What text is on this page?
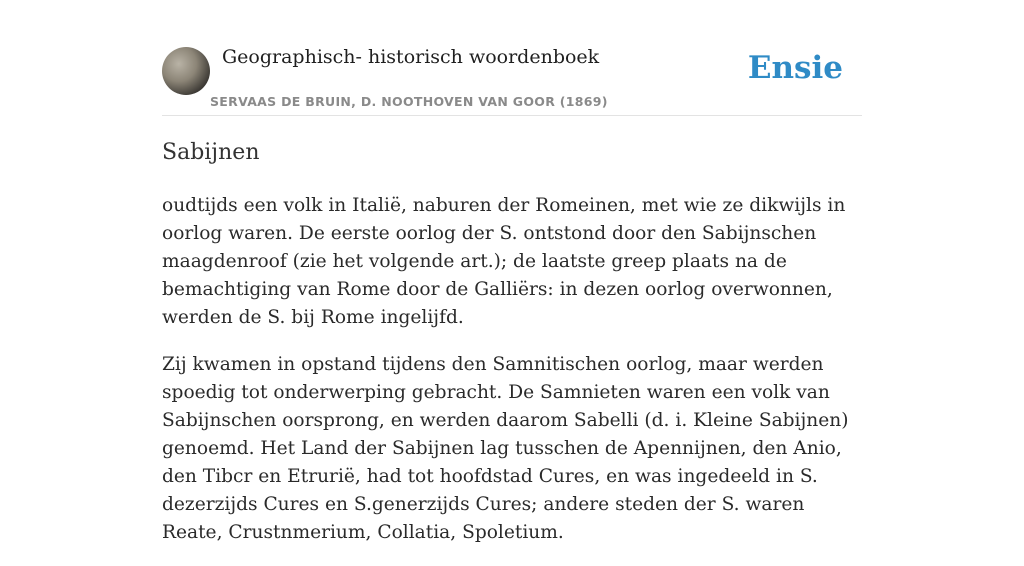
Geographisch- historisch woordenboek
SERVAAS DE BRUIN, D. NOOTHOVEN VAN GOOR (1869)
Ensie
Sabijnen

oudtijds een volk in Italië, naburen der Romeinen, met wie ze dikwijls in oorlog waren. De eerste oorlog der S. ontstond door den Sabijnschen maagdenroof (zie het volgende art.); de laatste greep plaats na de bemachtiging van Rome door de Galliërs: in dezen oorlog overwonnen, werden de S. bij Rome ingelijfd.

Zij kwamen in opstand tijdens den Samnitischen oorlog, maar werden spoedig tot onderwerping gebracht. De Samnieten waren een volk van Sabijnschen oorsprong, en werden daarom Sabelli (d. i. Kleine Sabijnen) genoemd. Het Land der Sabijnen lag tusschen de Apennijnen, den Anio, den Tibcr en Etrurië, had tot hoofdstad Cures, en was ingedeeld in S. dezerzijds Cures en S.generzijds Cures; andere steden der S. waren Reate, Crustnmerium, Collatia, Spoletium.
